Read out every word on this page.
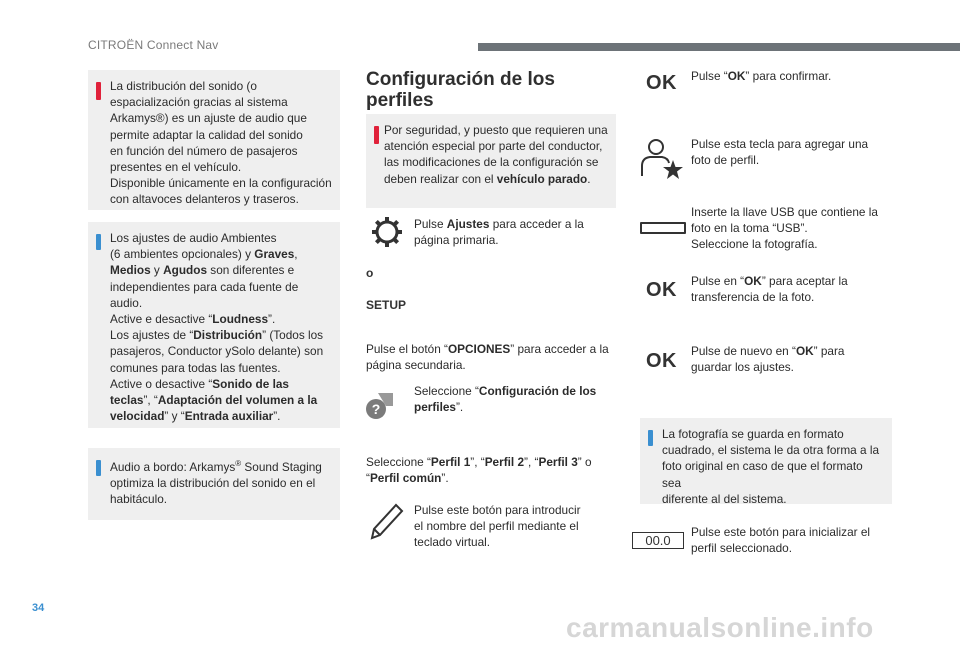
CITROËN Connect Nav
La distribución del sonido (o
espacialización gracias al sistema
Arkamys®) es un ajuste de audio que
permite adaptar la calidad del sonido
en función del número de pasajeros
presentes en el vehículo.
Disponible únicamente en la configuración
con altavoces delanteros y traseros.
Los ajustes de audio Ambientes
(6 ambientes opcionales) y Graves,
Medios y Agudos son diferentes e
independientes para cada fuente de
audio.
Active e desactive “Loudness”.
Los ajustes de “Distribución” (Todos los
pasajeros, Conductor ySolo delante) son
comunes para todas las fuentes.
Active o desactive “Sonido de las
teclas”, “Adaptación del volumen a la
velocidad” y “Entrada auxiliar”.
Audio a bordo: Arkamys® Sound Staging
optimiza la distribución del sonido en el
habitáculo.
Configuración de los
perfiles
Por seguridad, y puesto que requieren una
atención especial por parte del conductor,
las modificaciones de la configuración se
deben realizar con el vehículo parado.
Pulse Ajustes para acceder a la
página primaria.
o
SETUP
Pulse el botón “OPCIONES” para acceder a la
página secundaria.
?
Seleccione “Configuración de los
perfiles”.
Seleccione “Perfil 1”, “Perfil 2”, “Perfil 3” o
“Perfil común”.
Pulse este botón para introducir
el nombre del perfil mediante el
teclado virtual.
OK Pulse “OK” para confirmar.
Pulse esta tecla para agregar una
foto de perfil.
Inserte la llave USB que contiene la
foto en la toma “USB”.
Seleccione la fotografía.
OK Pulse en “OK” para aceptar la
transferencia de la foto.
OK Pulse de nuevo en “OK” para
guardar los ajustes.
La fotografía se guarda en formato
cuadrado, el sistema le da otra forma a la
foto original en caso de que el formato sea
diferente al del sistema.
00.0
Pulse este botón para inicializar el
perfil seleccionado.
34
carmanualsonline.info
